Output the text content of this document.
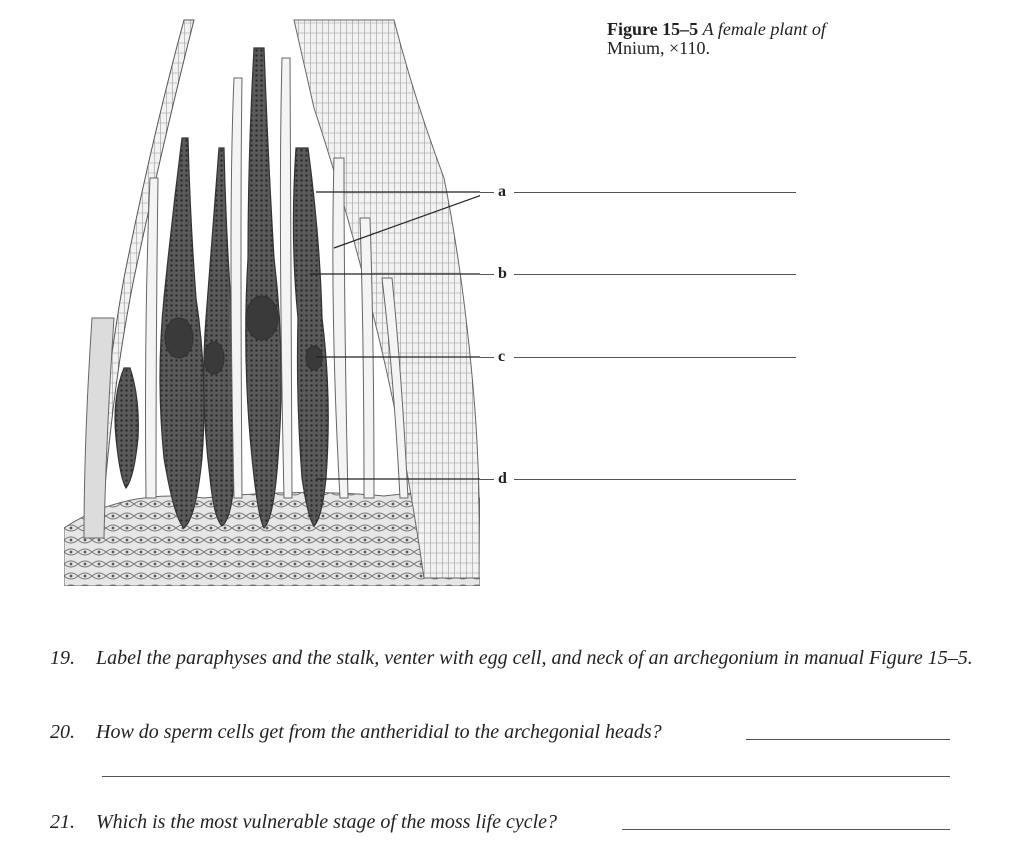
a
b
c
d
Figure 15–5 A female plant of
Mnium, ×110.
19. Label the paraphyses and the stalk, venter with egg cell, and neck of an archegonium in manual Figure 15–5.
20. How do sperm cells get from the antheridial to the archegonial heads?
21. Which is the most vulnerable stage of the moss life cycle?
